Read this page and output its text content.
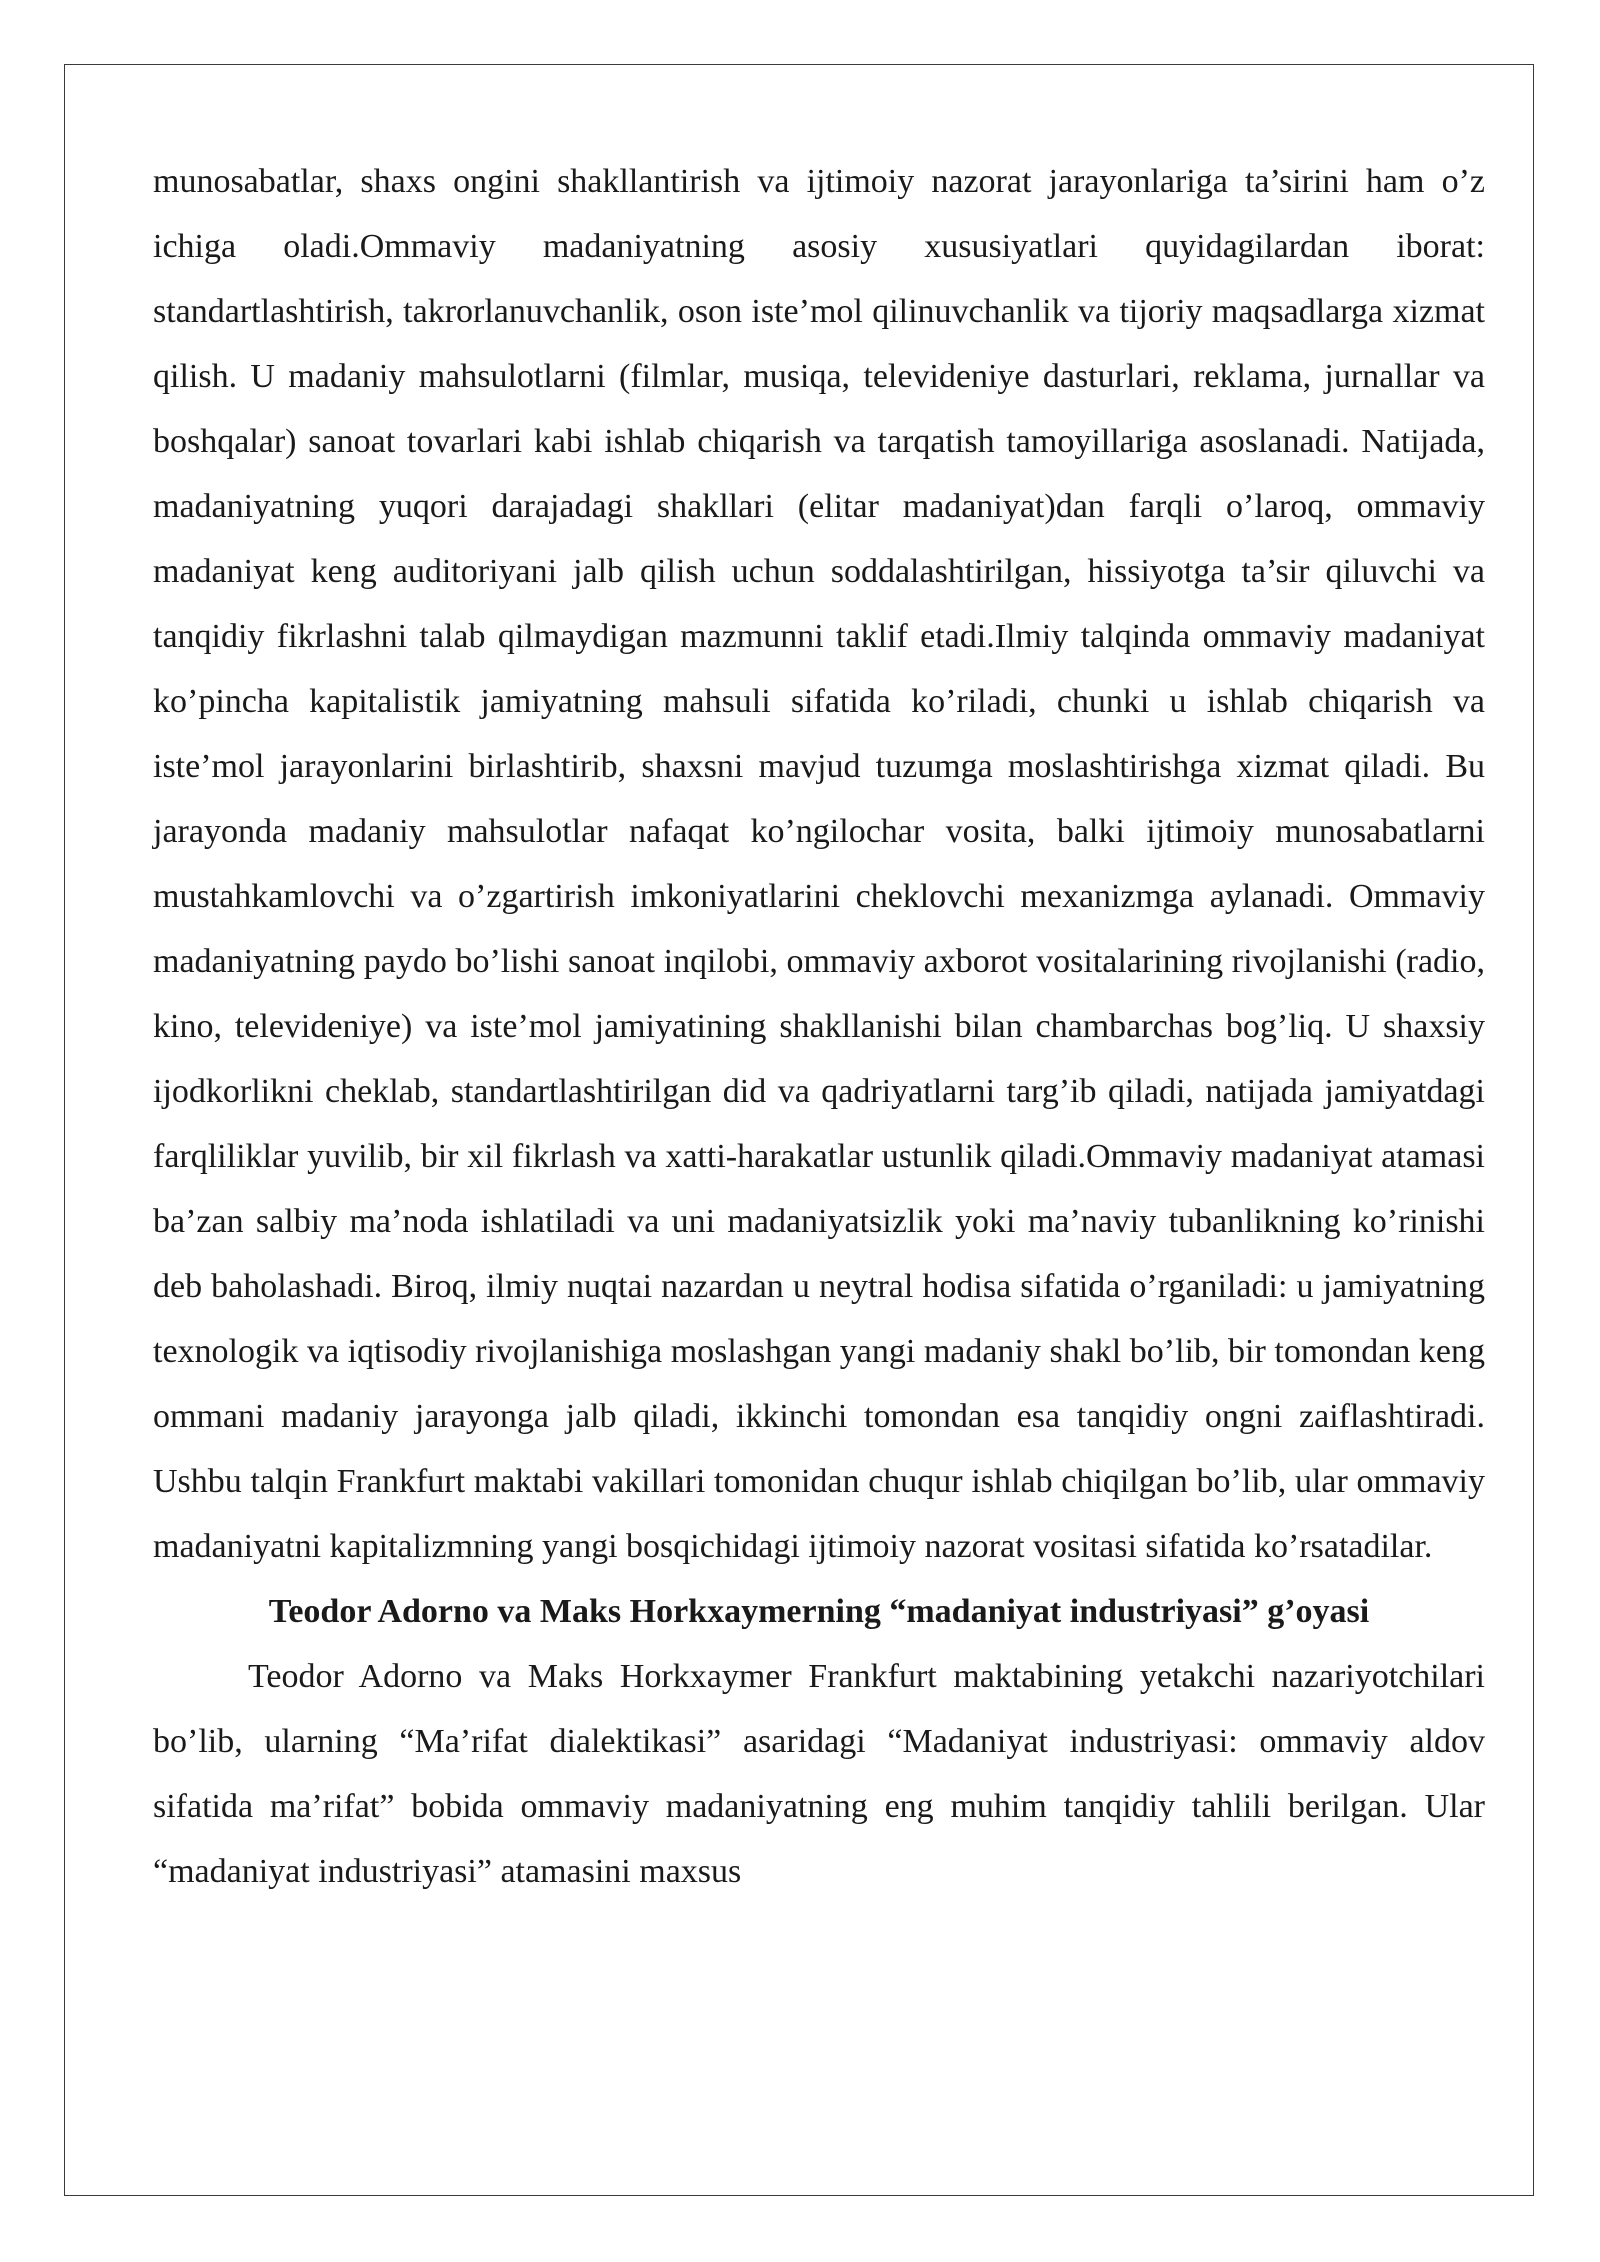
munosabatlar, shaxs ongini shakllantirish va ijtimoiy nazorat jarayonlariga ta’sirini ham o’z ichiga oladi.Ommaviy madaniyatning asosiy xususiyatlari quyidagilardan iborat: standartlashtirish, takrorlanuvchanlik, oson iste’mol qilinuvchanlik va tijoriy maqsadlarga xizmat qilish. U madaniy mahsulotlarni (filmlar, musiqa, televideniye dasturlari, reklama, jurnallar va boshqalar) sanoat tovarlari kabi ishlab chiqarish va tarqatish tamoyillariga asoslanadi. Natijada, madaniyatning yuqori darajadagi shakllari (elitar madaniyat)dan farqli o’laroq, ommaviy madaniyat keng auditoriyani jalb qilish uchun soddalashtirilgan, hissiyotga ta’sir qiluvchi va tanqidiy fikrlashni talab qilmaydigan mazmunni taklif etadi.Ilmiy talqinda ommaviy madaniyat ko’pincha kapitalistik jamiyatning mahsuli sifatida ko’riladi, chunki u ishlab chiqarish va iste’mol jarayonlarini birlashtirib, shaxsni mavjud tuzumga moslashtirishga xizmat qiladi. Bu jarayonda madaniy mahsulotlar nafaqat ko’ngilochar vosita, balki ijtimoiy munosabatlarni mustahkamlovchi va o’zgartirish imkoniyatlarini cheklovchi mexanizmga aylanadi. Ommaviy madaniyatning paydo bo’lishi sanoat inqilobi, ommaviy axborot vositalarining rivojlanishi (radio, kino, televideniye) va iste’mol jamiyatining shakllanishi bilan chambarchas bog’liq. U shaxsiy ijodkorlikni cheklab, standartlashtirilgan did va qadriyatlarni targ’ib qiladi, natijada jamiyatdagi farqliliklar yuvilib, bir xil fikrlash va xatti-harakatlar ustunlik qiladi.Ommaviy madaniyat atamasi ba’zan salbiy ma’noda ishlatiladi va uni madaniyatsizlik yoki ma’naviy tubanlikning ko’rinishi deb baholashadi. Biroq, ilmiy nuqtai nazardan u neytral hodisa sifatida o’rganiladi: u jamiyatning texnologik va iqtisodiy rivojlanishiga moslashgan yangi madaniy shakl bo’lib, bir tomondan keng ommani madaniy jarayonga jalb qiladi, ikkinchi tomondan esa tanqidiy ongni zaiflashtiradi. Ushbu talqin Frankfurt maktabi vakillari tomonidan chuqur ishlab chiqilgan bo’lib, ular ommaviy madaniyatni kapitalizmning yangi bosqichidagi ijtimoiy nazorat vositasi sifatida ko’rsatadilar.

Teodor Adorno va Maks Horkxaymerning “madaniyat industriyasi” g’oyasi

Teodor Adorno va Maks Horkxaymer Frankfurt maktabining yetakchi nazariyotchilari bo’lib, ularning “Ma’rifat dialektikasi” asaridagi “Madaniyat industriyasi: ommaviy aldov sifatida ma’rifat” bobida ommaviy madaniyatning eng muhim tanqidiy tahlili berilgan. Ular “madaniyat industriyasi” atamasini maxsus
